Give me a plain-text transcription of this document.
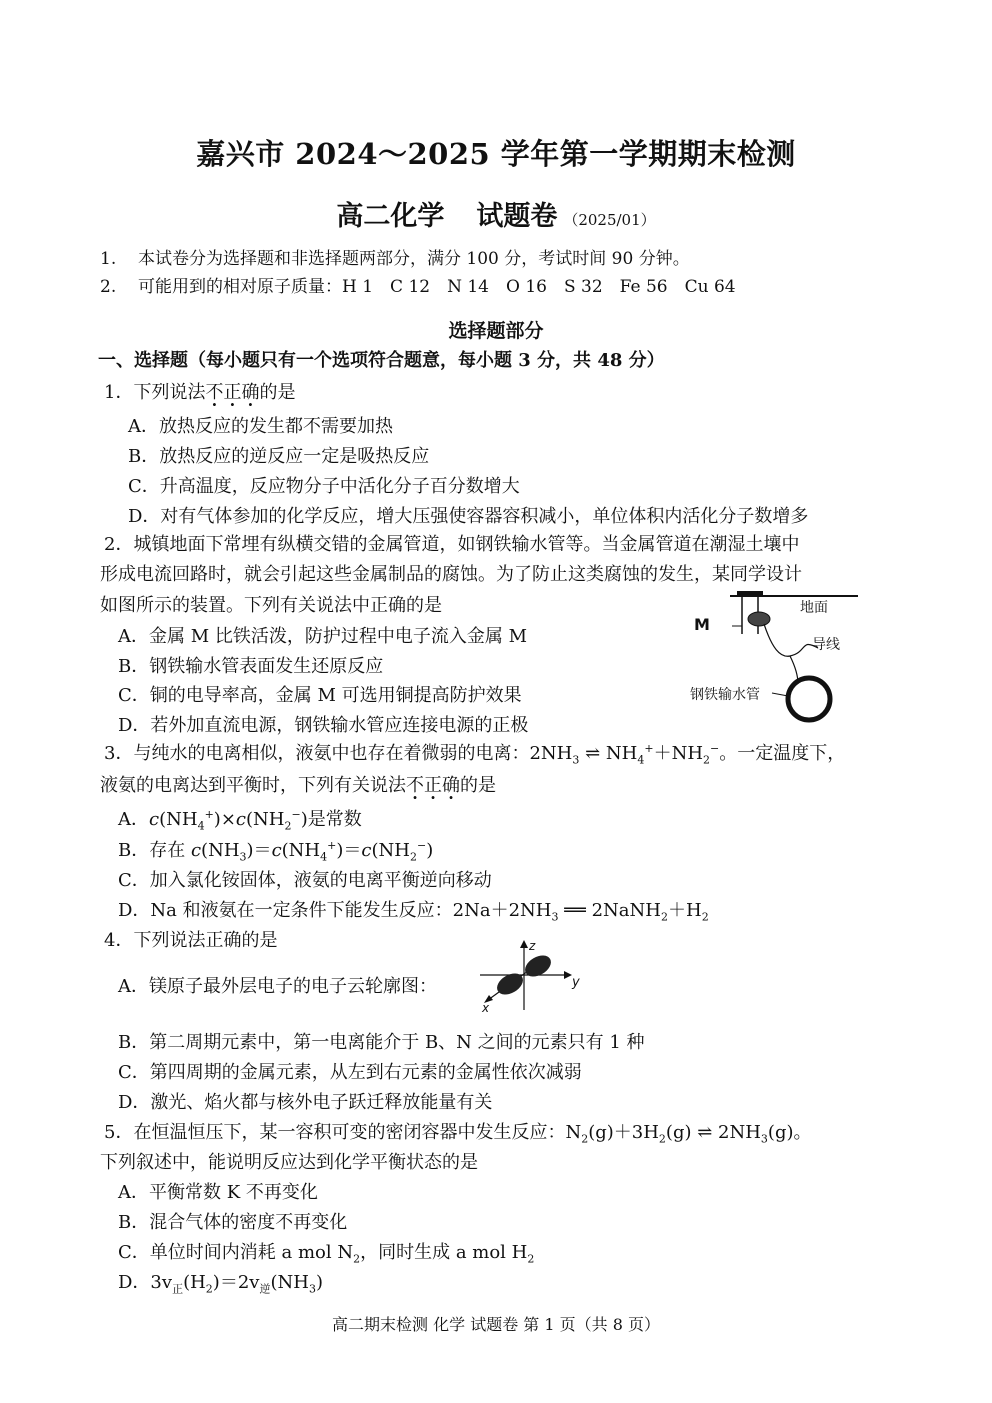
嘉兴市 2024～2025 学年第一学期期末检测
高二化学 试题卷 （2025/01）
1. 本试卷分为选择题和非选择题两部分，满分 100 分，考试时间 90 分钟。
2. 可能用到的相对原子质量：H 1　C 12　N 14　O 16　S 32　Fe 56　Cu 64
选择题部分
一、选择题（每小题只有一个选项符合题意，每小题 3 分，共 48 分）
1．下列说法不正确的是
A．放热反应的发生都不需要加热
B．放热反应的逆反应一定是吸热反应
C．升高温度，反应物分子中活化分子百分数增大
D．对有气体参加的化学反应，增大压强使容器容积减小，单位体积内活化分子数增多
2．城镇地面下常埋有纵横交错的金属管道，如钢铁输水管等。当金属管道在潮湿土壤中
形成电流回路时，就会引起这些金属制品的腐蚀。为了防止这类腐蚀的发生，某同学设计
如图所示的装置。下列有关说法中正确的是
A．金属 M 比铁活泼，防护过程中电子流入金属 M
B．钢铁输水管表面发生还原反应
C．铜的电导率高，金属 M 可选用铜提高防护效果
D．若外加直流电源，钢铁输水管应连接电源的正极
M
地面
导线
钢铁输水管
3．与纯水的电离相似，液氨中也存在着微弱的电离：$2NH_3$ ⇌ $NH_4^++NH_2^-$。一定温度下，
液氨的电离达到平衡时，下列有关说法不正确的是
A．$c(NH_4^+)\times c(NH_2^-)$是常数
B．存在 $c(NH_3)=c(NH_4^+)=c(NH_2^-)$
C．加入氯化铵固体，液氨的电离平衡逆向移动
D．Na 和液氨在一定条件下能发生反应：$2Na+2NH_3$ ══ $2NaNH_2+H_2$
4．下列说法正确的是
A．镁原子最外层电子的电子云轮廓图：
z
y
x
B．第二周期元素中，第一电离能介于 B、N 之间的元素只有 1 种
C．第四周期的金属元素，从左到右元素的金属性依次减弱
D．激光、焰火都与核外电子跃迁释放能量有关
5．在恒温恒压下，某一容积可变的密闭容器中发生反应：$N_2(g)+3H_2(g)$ ⇌ $2NH_3(g)$。
下列叙述中，能说明反应达到化学平衡状态的是
A．平衡常数 K 不再变化
B．混合气体的密度不再变化
C．单位时间内消耗 a mol $N_2$，同时生成 a mol $H_2$
D．$3v_正(H_2)=2v_逆(NH_3)$
高二期末检测 化学 试题卷 第 1 页（共 8 页）
